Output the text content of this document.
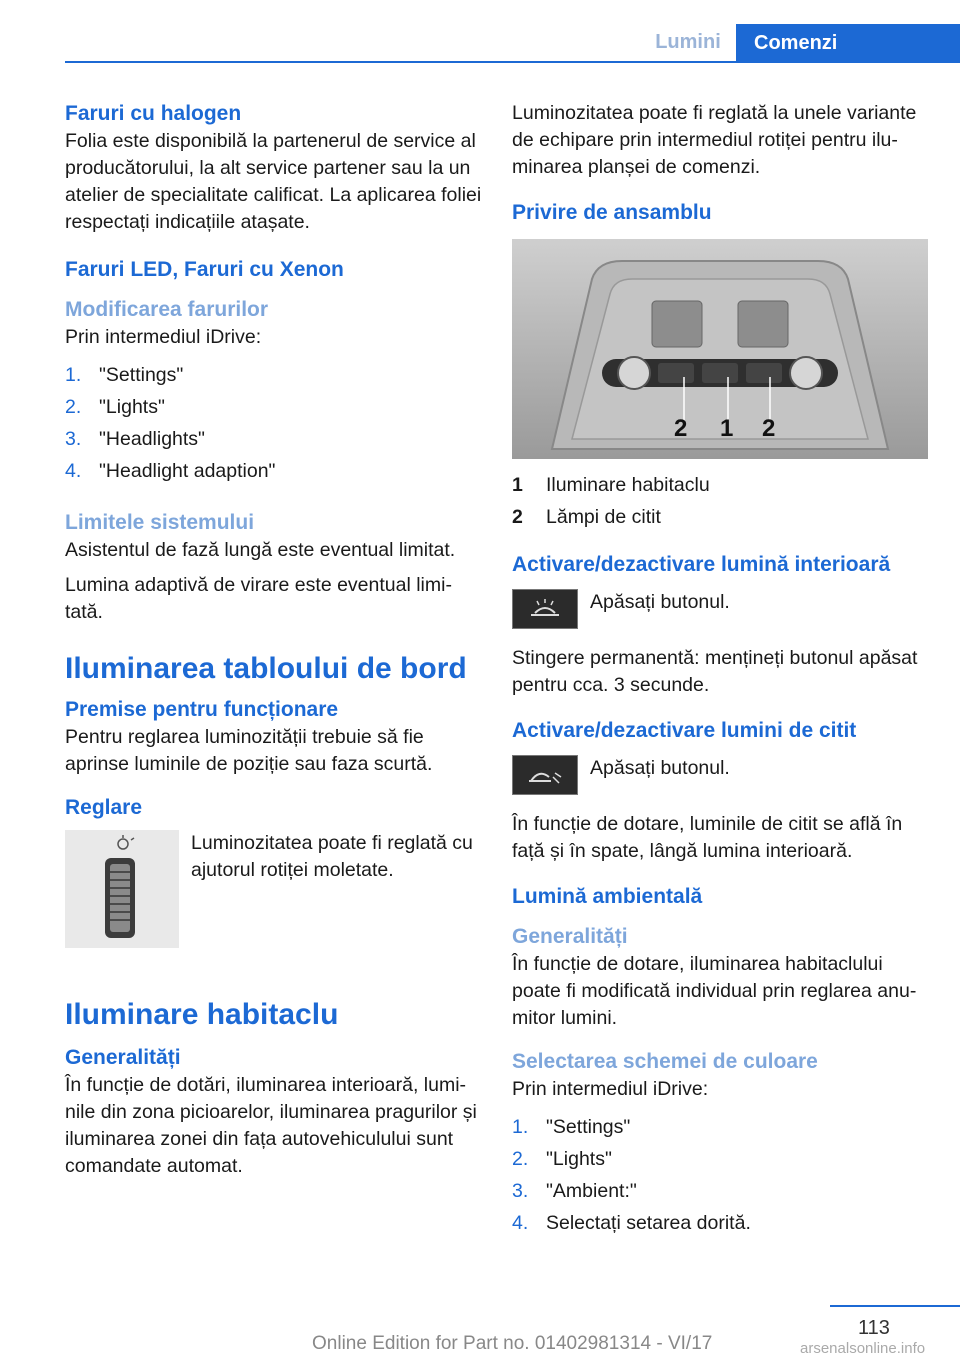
Lumini	Comenzi
Faruri cu halogen

Folia este disponibilă la partenerul de service al producătorului, la alt service partener sau la un atelier de specialitate calificat. La aplicarea foliei respectați indicațiile atașate.

Faruri LED, Faruri cu Xenon
Modificarea farurilor

Prin intermediul iDrive:

1. "Settings"
2. "Lights"
3. "Headlights"
4. "Headlight adaption"
Limitele sistemului

Asistentul de fază lungă este eventual limitat.

Lumina adaptivă de virare este eventual limitată.

Iluminarea tabloului de bord
Premise pentru funcționare

Pentru reglarea luminozității trebuie să fie aprinse luminile de poziție sau faza scurtă.

Reglare

Luminozitatea poate fi reglată cu ajutorul rotiței moletate.

Iluminare habitaclu
Generalități

În funcție de dotări, iluminarea interioară, luminile din zona picioarelor, iluminarea pragurilor și iluminarea zonei din fața autovehiculului sunt comandate automat.

Luminozitatea poate fi reglată la unele variante de echipare prin intermediul rotiței pentru iluminarea planșei de comenzi.

Privire de ansamblu
2 1 2
1	Iluminare habitaclu
2	Lămpi de citit
Activare/dezactivare lumină interioară

Apăsați butonul.

Stingere permanentă: mențineți butonul apăsat pentru cca. 3 secunde.

Activare/dezactivare lumini de citit

Apăsați butonul.

În funcție de dotare, luminile de citit se află în față și în spate, lângă lumina interioară.

Lumină ambientală
Generalități

În funcție de dotare, iluminarea habitaclului poate fi modificată individual prin reglarea anumitor lumini.

Selectarea schemei de culoare

Prin intermediul iDrive:

1. "Settings"
2. "Lights"
3. "Ambient:"
4. Selectați setarea dorită.
113
Online Edition for Part no. 01402981314 - VI/17	arsenalsonline.info
